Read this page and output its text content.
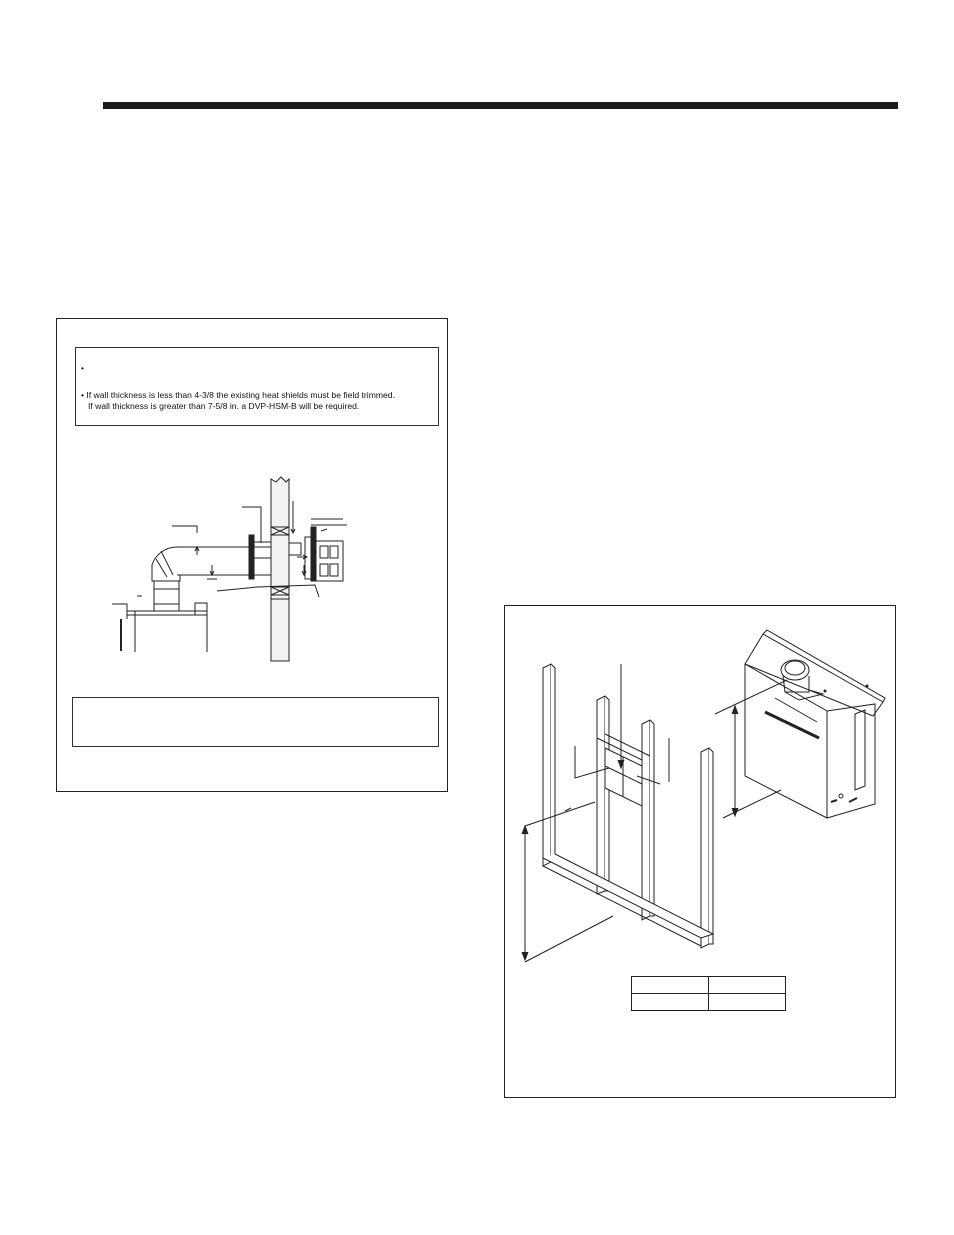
•
• If wall thickness is less than 4-3/8 the existing heat shields must be field trimmed.
If wall thickness is greater than 7-5/8 in. a DVP-HSM-B will be required.
